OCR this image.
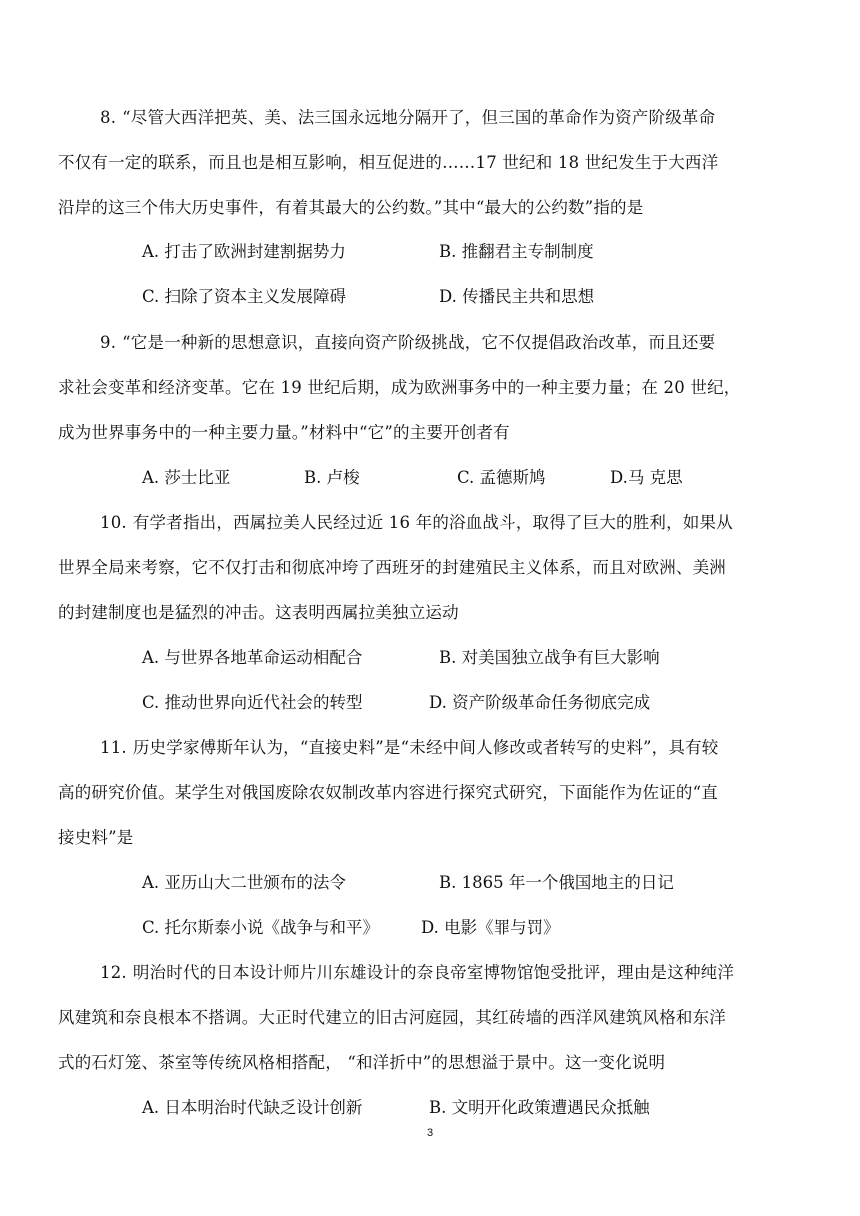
8. “尽管大西洋把英、美、法三国永远地分隔开了，但三国的革命作为资产阶级革命
不仅有一定的联系，而且也是相互影响，相互促进的……17 世纪和 18 世纪发生于大西洋
沿岸的这三个伟大历史事件，有着其最大的公约数。”其中“最大的公约数”指的是
A. 打击了欧洲封建割据势力	B. 推翻君主专制制度
C. 扫除了资本主义发展障碍	D. 传播民主共和思想
9. “它是一种新的思想意识，直接向资产阶级挑战，它不仅提倡政治改革，而且还要
求社会变革和经济变革。它在 19 世纪后期，成为欧洲事务中的一种主要力量；在 20 世纪，
成为世界事务中的一种主要力量。”材料中“它”的主要开创者有
A. 莎士比亚	B. 卢梭	C. 孟德斯鸠	D.马 克思
10. 有学者指出，西属拉美人民经过近 16 年的浴血战斗，取得了巨大的胜利，如果从
世界全局来考察，它不仅打击和彻底冲垮了西班牙的封建殖民主义体系，而且对欧洲、美洲
的封建制度也是猛烈的冲击。这表明西属拉美独立运动
A. 与世界各地革命运动相配合	B. 对美国独立战争有巨大影响
C. 推动世界向近代社会的转型	D. 资产阶级革命任务彻底完成
11. 历史学家傅斯年认为，“直接史料”是“未经中间人修改或者转写的史料”，具有较
高的研究价值。某学生对俄国废除农奴制改革内容进行探究式研究，下面能作为佐证的“直
接史料”是
A. 亚历山大二世颁布的法令	B. 1865 年一个俄国地主的日记
C. 托尔斯泰小说《战争与和平》	D. 电影《罪与罚》
12. 明治时代的日本设计师片川东雄设计的奈良帝室博物馆饱受批评，理由是这种纯洋
风建筑和奈良根本不搭调。大正时代建立的旧古河庭园，其红砖墙的西洋风建筑风格和东洋
式的石灯笼、茶室等传统风格相搭配， “和洋折中”的思想溢于景中。这一变化说明
A. 日本明治时代缺乏设计创新	B. 文明开化政策遭遇民众抵触
3
